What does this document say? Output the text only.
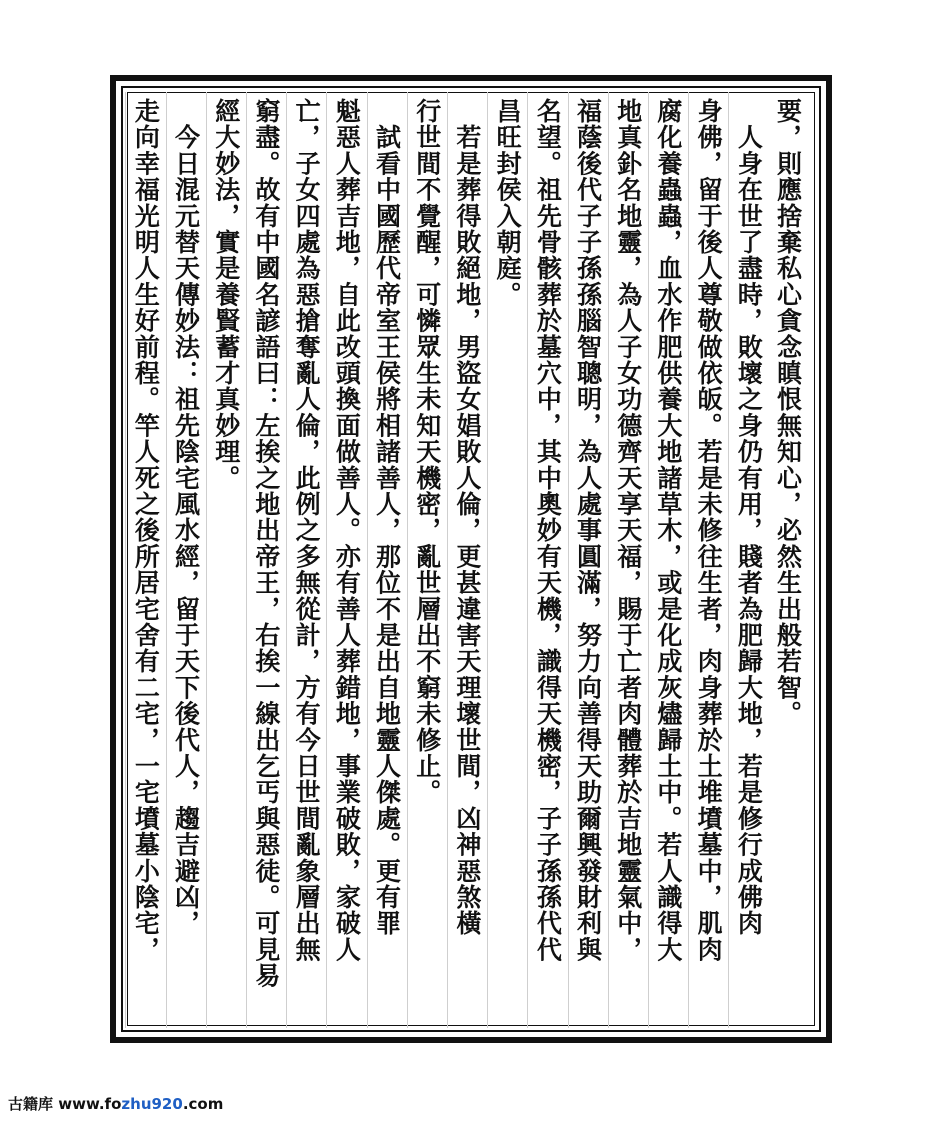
要，則應捨棄私心貪念瞋恨無知心，必然生出般若智。
　人身在世了盡時，敗壞之身仍有用，賤者為肥歸大地，若是修行成佛肉
身佛，留于後人尊敬做依皈。若是未修往生者，肉身葬於土堆墳墓中，肌肉
腐化養蟲蟲，血水作肥供養大地諸草木，或是化成灰燼歸土中。若人識得大
地真釙名地靈，為人子女功德齊天享天福，賜于亡者肉體葬於吉地靈氣中，
福蔭後代子子孫孫腦智聰明，為人處事圓滿，努力向善得天助爾興發財利與
名望。祖先骨骸葬於墓穴中，其中奧妙有天機，識得天機密，子子孫孫代代
昌旺封侯入朝庭。
　若是葬得敗絕地，男盜女娼敗人倫，更甚違害天理壞世間，凶神惡煞橫
行世間不覺醒，可憐眾生未知天機密，亂世層出不窮未修止。
　試看中國歷代帝室王侯將相諸善人，那位不是出自地靈人傑處。更有罪
魁惡人葬吉地，自此改頭換面做善人。亦有善人葬錯地，事業破敗，家破人
亡，子女四處為惡搶奪亂人倫，此例之多無從計，方有今日世間亂象層出無
窮盡。故有中國名諺語曰：左挨之地出帝王，右挨一線出乞丐與惡徒。可見易
經大妙法，實是養賢蓄才真妙理。
　今日混元替天傳妙法：祖先陰宅風水經，留于天下後代人，趨吉避凶，
走向幸福光明人生好前程。竿人死之後所居宅舍有二宅，一宅墳墓小陰宅，
古籍库 www.fozhu920.com
